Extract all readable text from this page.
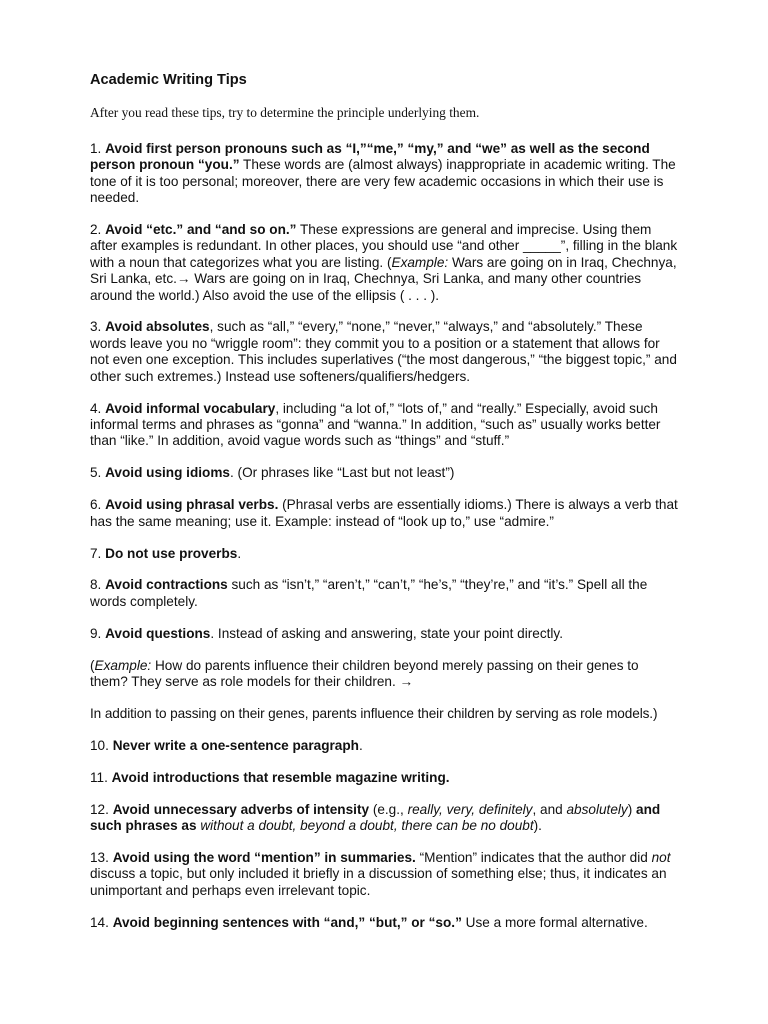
Academic Writing Tips
After you read these tips, try to determine the principle underlying them.

1. Avoid first person pronouns such as “I,”“me,” “my,” and “we” as well as the second person pronoun “you.” These words are (almost always) inappropriate in academic writing. The tone of it is too personal; moreover, there are very few academic occasions in which their use is needed.

2. Avoid “etc.” and “and so on.” These expressions are general and imprecise. Using them after examples is redundant. In other places, you should use “and other _____”, filling in the blank with a noun that categorizes what you are listing. (Example: Wars are going on in Iraq, Chechnya, Sri Lanka, etc.→ Wars are going on in Iraq, Chechnya, Sri Lanka, and many other countries around the world.) Also avoid the use of the ellipsis ( . . . ).

3. Avoid absolutes, such as “all,” “every,” “none,” “never,” “always,” and “absolutely.” These words leave you no “wriggle room”: they commit you to a position or a statement that allows for not even one exception. This includes superlatives (“the most dangerous,” “the biggest topic,” and other such extremes.) Instead use softeners/qualifiers/hedgers.

4. Avoid informal vocabulary, including “a lot of,” “lots of,” and “really.” Especially, avoid such informal terms and phrases as “gonna” and “wanna.” In addition, “such as” usually works better than “like.” In addition, avoid vague words such as “things” and “stuff.”

5. Avoid using idioms. (Or phrases like “Last but not least”)

6. Avoid using phrasal verbs. (Phrasal verbs are essentially idioms.) There is always a verb that has the same meaning; use it. Example: instead of “look up to,” use “admire.”

7. Do not use proverbs.

8. Avoid contractions such as “isn’t,” “aren’t,” “can’t,” “he’s,” “they’re,” and “it’s.” Spell all the words completely.

9. Avoid questions. Instead of asking and answering, state your point directly.

(Example: How do parents influence their children beyond merely passing on their genes to them? They serve as role models for their children. →

In addition to passing on their genes, parents influence their children by serving as role models.)

10. Never write a one-sentence paragraph.

11. Avoid introductions that resemble magazine writing.

12. Avoid unnecessary adverbs of intensity (e.g., really, very, definitely, and absolutely) and such phrases as without a doubt, beyond a doubt, there can be no doubt).

13. Avoid using the word “mention” in summaries. “Mention” indicates that the author did not discuss a topic, but only included it briefly in a discussion of something else; thus, it indicates an unimportant and perhaps even irrelevant topic.

14. Avoid beginning sentences with “and,” “but,” or “so.” Use a more formal alternative.
